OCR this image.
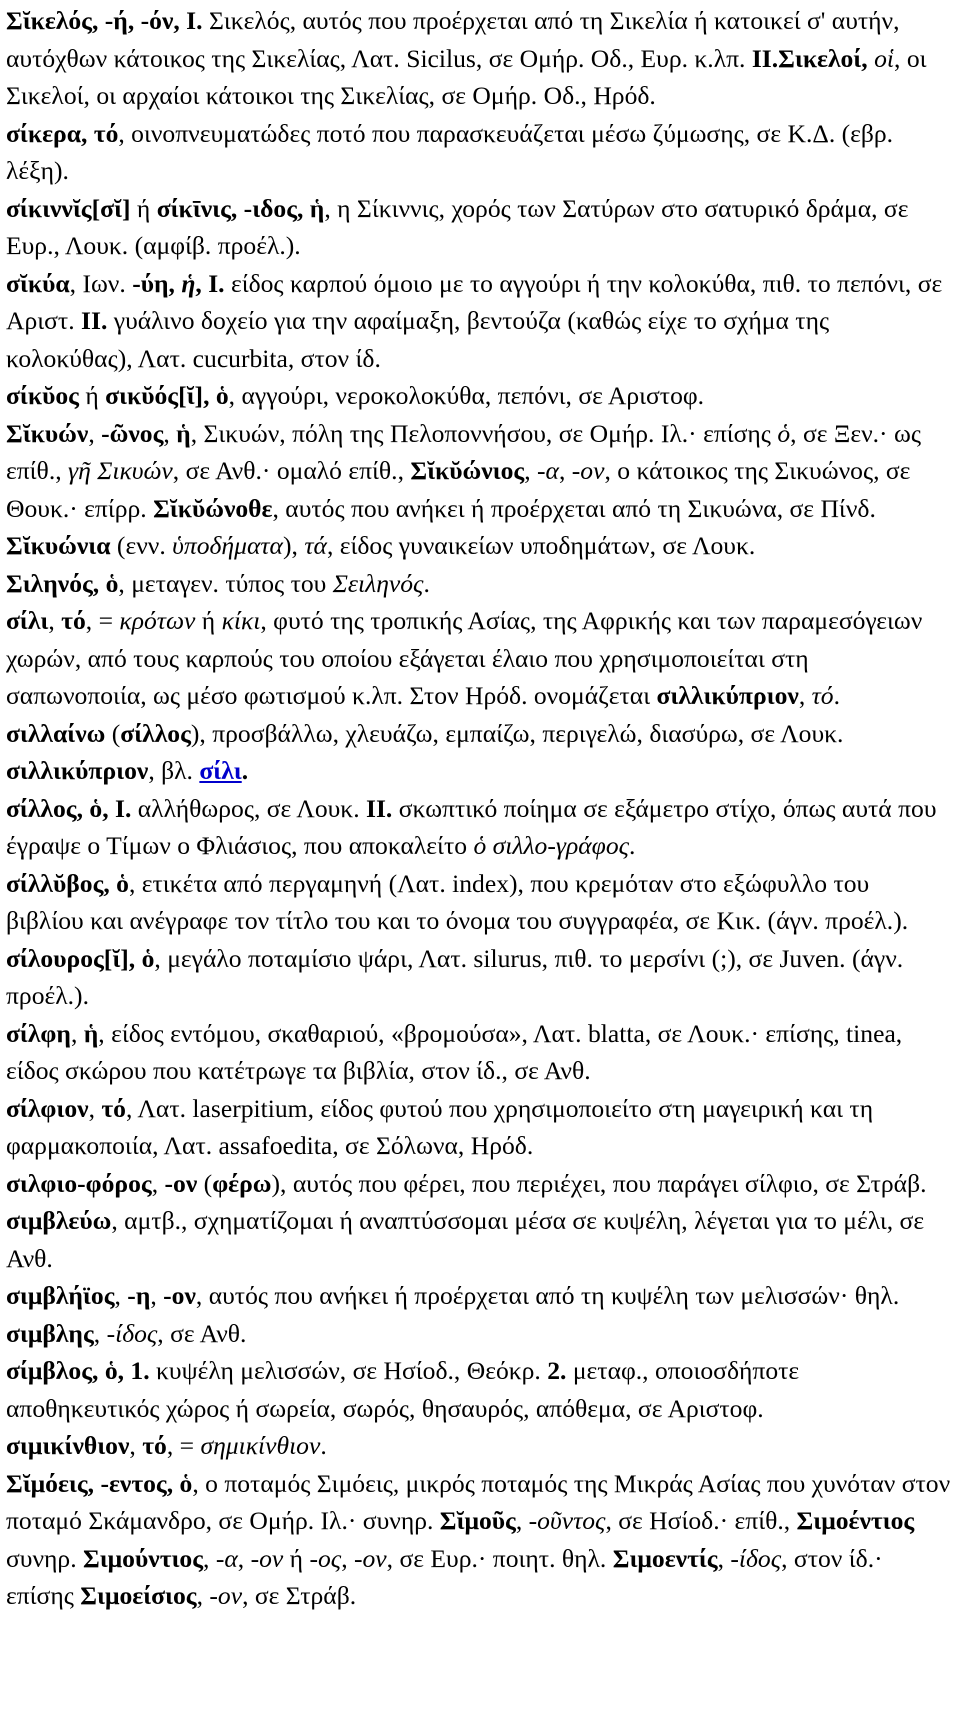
Σῐκελός, -ή, -όν, I. Σικελός, αυτός που προέρχεται από τη Σικελία ή κατοικεί σ' αυτήν, αυτόχθων κάτοικος της Σικελίας, Λατ. Sicilus, σε Ομήρ. Οδ., Ευρ. κ.λπ. II.Σικελοί, οἱ, οι Σικελοί, οι αρχαίοι κάτοικοι της Σικελίας, σε Ομήρ. Οδ., Ηρόδ.

σίκερα, τό, οινοπνευματώδες ποτό που παρασκευάζεται μέσω ζύμωσης, σε Κ.Δ. (εβρ. λέξη).

σίκιννῐς[σῐ] ή σίκῑνις, -ιδος, ἡ, η Σίκιννις, χορός των Σατύρων στο σατυρικό δράμα, σε Ευρ., Λουκ. (αμφίβ. προέλ.).

σῐκύα, Ιων. -ύη, ἡ, I. είδος καρπού όμοιο με το αγγούρι ή την κολοκύθα, πιθ. το πεπόνι, σε Αριστ. II. γυάλινο δοχείο για την αφαίμαξη, βεντούζα (καθώς είχε το σχήμα της κολοκύθας), Λατ. cucurbita, στον ίδ.

σίκῠος ή σικῠός[ῐ], ὁ, αγγούρι, νεροκολοκύθα, πεπόνι, σε Αριστοφ.

Σῐκυών, -ῶνος, ἡ, Σικυών, πόλη της Πελοποννήσου, σε Ομήρ. Ιλ.· επίσης ὁ, σε Ξεν.· ως επίθ., γῆ Σικυών, σε Ανθ.· ομαλό επίθ., Σῐκῠώνιος, -α, -ον, ο κάτοικος της Σικυώνος, σε Θουκ.· επίρρ. Σῐκῠώνοθε, αυτός που ανήκει ή προέρχεται από τη Σικυώνα, σε Πίνδ.

Σῐκυώνια (ενν. ὑποδήματα), τά, είδος γυναικείων υποδημάτων, σε Λουκ.

Σιληνός, ὁ, μεταγεν. τύπος του Σειληνός.

σίλι, τό, = κρότων ή κίκι, φυτό της τροπικής Ασίας, της Αφρικής και των παραμεσόγειων χωρών, από τους καρπούς του οποίου εξάγεται έλαιο που χρησιμοποιείται στη σαπωνοποιία, ως μέσο φωτισμού κ.λπ. Στον Ηρόδ. ονομάζεται σιλλικύπριον, τό.

σιλλαίνω (σίλλος), προσβάλλω, χλευάζω, εμπαίζω, περιγελώ, διασύρω, σε Λουκ.

σιλλικύπριον, βλ. σίλι.

σίλλος, ὁ, I. αλλήθωρος, σε Λουκ. II. σκωπτικό ποίημα σε εξάμετρο στίχο, όπως αυτά που έγραψε ο Τίμων ο Φλιάσιος, που αποκαλείτο ὁ σιλλο-γράφος.

σίλλῠβος, ὁ, ετικέτα από περγαμηνή (Λατ. index), που κρεμόταν στο εξώφυλλο του βιβλίου και ανέγραφε τον τίτλο του και το όνομα του συγγραφέα, σε Κικ. (άγν. προέλ.).

σίλουρος[ῐ], ὁ, μεγάλο ποταμίσιο ψάρι, Λατ. silurus, πιθ. το μερσίνι (;), σε Juven. (άγν. προέλ.).

σίλφη, ἡ, είδος εντόμου, σκαθαριού, «βρομούσα», Λατ. blatta, σε Λουκ.· επίσης, tinea, είδος σκώρου που κατέτρωγε τα βιβλία, στον ίδ., σε Ανθ.

σίλφιον, τό, Λατ. laserpitium, είδος φυτού που χρησιμοποιείτο στη μαγειρική και τη φαρμακοποιία, Λατ. assafoedita, σε Σόλωνα, Ηρόδ.

σιλφιο-φόρος, -ον (φέρω), αυτός που φέρει, που περιέχει, που παράγει σίλφιο, σε Στράβ.

σιμβλεύω, αμτβ., σχηματίζομαι ή αναπτύσσομαι μέσα σε κυψέλη, λέγεται για το μέλι, σε Ανθ.

σιμβλήϊος, -η, -ον, αυτός που ανήκει ή προέρχεται από τη κυψέλη των μελισσών· θηλ. σιμβλης, -ίδος, σε Ανθ.

σίμβλος, ὁ, 1. κυψέλη μελισσών, σε Ησίοδ., Θεόκρ. 2. μεταφ., οποιοσδήποτε αποθηκευτικός χώρος ή σωρεία, σωρός, θησαυρός, απόθεμα, σε Αριστοφ.

σιμικίνθιον, τό, = σημικίνθιον.

Σῐμόεις, -εντος, ὁ, ο ποταμός Σιμόεις, μικρός ποταμός της Μικράς Ασίας που χυνόταν στον ποταμό Σκάμανδρο, σε Ομήρ. Ιλ.· συνηρ. Σῐμοῦς, -οῦντος, σε Ησίοδ.· επίθ., Σιμοέντιος συνηρ. Σιμούντιος, -α, -ον ή -ος, -ον, σε Ευρ.· ποιητ. θηλ. Σιμοεντίς, -ίδος, στον ίδ.· επίσης Σιμοείσιος, -ον, σε Στράβ.
